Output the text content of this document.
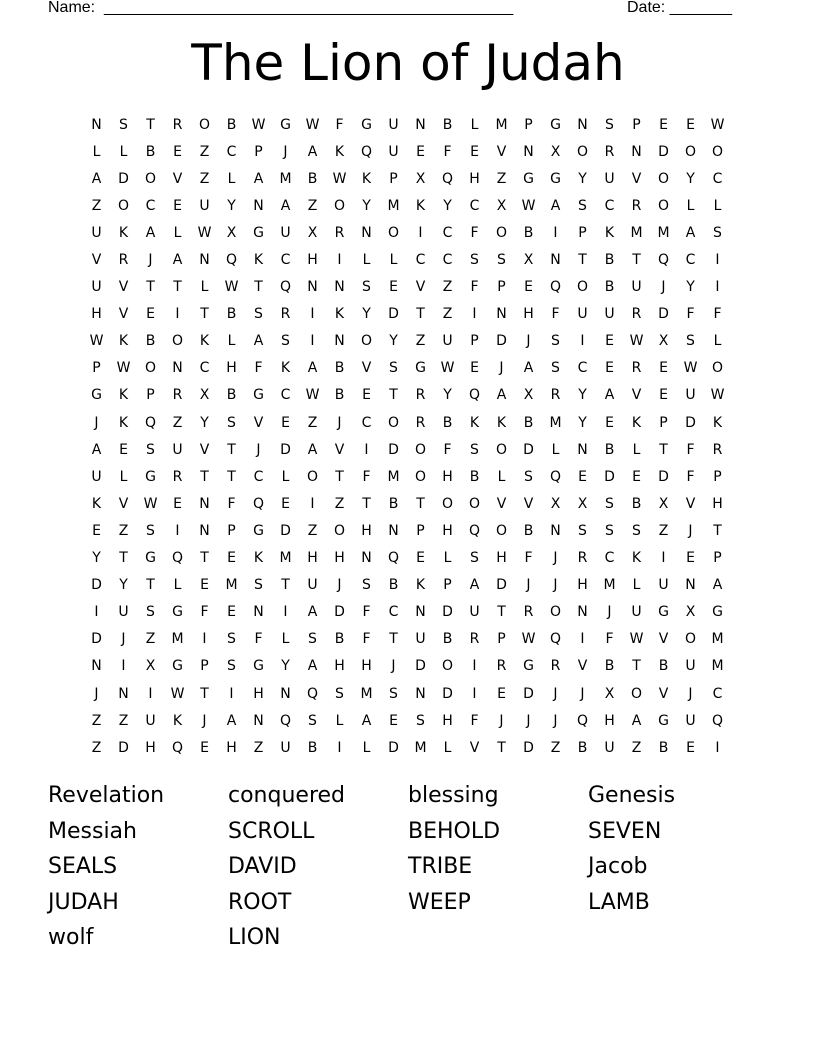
Name: ______________________________________________	Date: _______
The Lion of Judah
N	S	T	R	O	B	W	G	W	F	G	U	N	B	L	M	P	G	N	S	P	E	E	W
L	L	B	E	Z	C	P	J	A	K	Q	U	E	F	E	V	N	X	O	R	N	D	O	O
A	D	O	V	Z	L	A	M	B	W	K	P	X	Q	H	Z	G	G	Y	U	V	O	Y	C
Z	O	C	E	U	Y	N	A	Z	O	Y	M	K	Y	C	X	W	A	S	C	R	O	L	L
U	K	A	L	W	X	G	U	X	R	N	O	I	C	F	O	B	I	P	K	M	M	A	S
V	R	J	A	N	Q	K	C	H	I	L	L	C	C	S	S	X	N	T	B	T	Q	C	I
U	V	T	T	L	W	T	Q	N	N	S	E	V	Z	F	P	E	Q	O	B	U	J	Y	I
H	V	E	I	T	B	S	R	I	K	Y	D	T	Z	I	N	H	F	U	U	R	D	F	F
W	K	B	O	K	L	A	S	I	N	O	Y	Z	U	P	D	J	S	I	E	W	X	S	L
P	W	O	N	C	H	F	K	A	B	V	S	G	W	E	J	A	S	C	E	R	E	W	O
G	K	P	R	X	B	G	C	W	B	E	T	R	Y	Q	A	X	R	Y	A	V	E	U	W
J	K	Q	Z	Y	S	V	E	Z	J	C	O	R	B	K	K	B	M	Y	E	K	P	D	K
A	E	S	U	V	T	J	D	A	V	I	D	O	F	S	O	D	L	N	B	L	T	F	R
U	L	G	R	T	T	C	L	O	T	F	M	O	H	B	L	S	Q	E	D	E	D	F	P
K	V	W	E	N	F	Q	E	I	Z	T	B	T	O	O	V	V	X	X	S	B	X	V	H
E	Z	S	I	N	P	G	D	Z	O	H	N	P	H	Q	O	B	N	S	S	S	Z	J	T
Y	T	G	Q	T	E	K	M	H	H	N	Q	E	L	S	H	F	J	R	C	K	I	E	P
D	Y	T	L	E	M	S	T	U	J	S	B	K	P	A	D	J	J	H	M	L	U	N	A
I	U	S	G	F	E	N	I	A	D	F	C	N	D	U	T	R	O	N	J	U	G	X	G
D	J	Z	M	I	S	F	L	S	B	F	T	U	B	R	P	W	Q	I	F	W	V	O	M
N	I	X	G	P	S	G	Y	A	H	H	J	D	O	I	R	G	R	V	B	T	B	U	M
J	N	I	W	T	I	H	N	Q	S	M	S	N	D	I	E	D	J	J	X	O	V	J	C
Z	Z	U	K	J	A	N	Q	S	L	A	E	S	H	F	J	J	J	Q	H	A	G	U	Q
Z	D	H	Q	E	H	Z	U	B	I	L	D	M	L	V	T	D	Z	B	U	Z	B	E	I
Revelation	conquered	blessing	Genesis
Messiah	SCROLL	BEHOLD	SEVEN
SEALS	DAVID	TRIBE	Jacob
JUDAH	ROOT	WEEP	LAMB
wolf	LION
